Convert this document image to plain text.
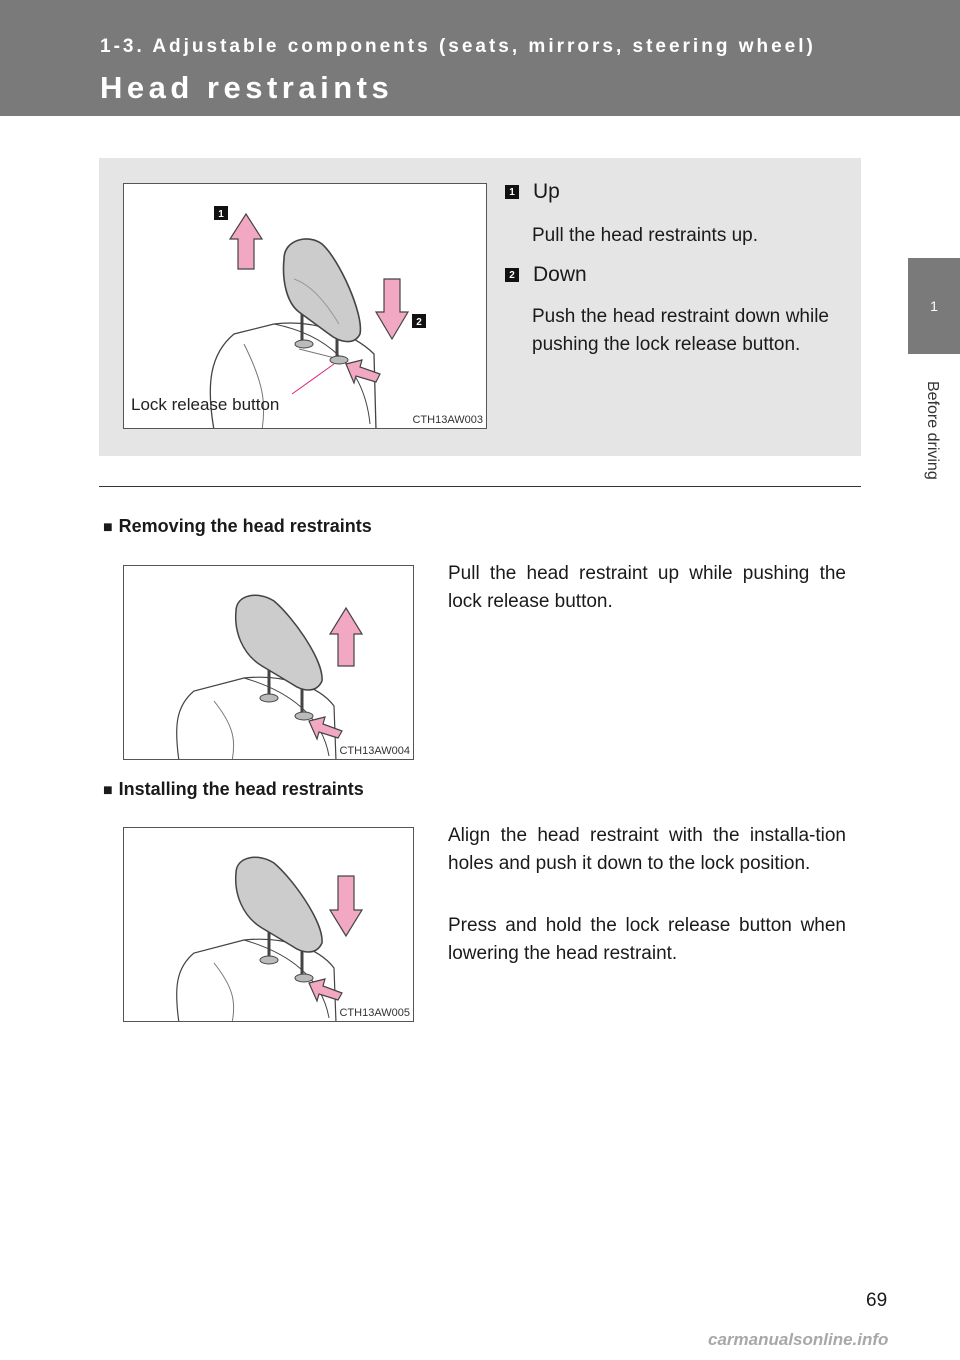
1-3. Adjustable components (seats, mirrors, steering wheel)
Head restraints
1
Before driving
1
2
Lock release button
CTH13AW003
1 Up

Pull the head restraints up.

2 Down

Push the head restraint down while pushing the lock release button.

■ Removing the head restraints
CTH13AW004

Pull the head restraint up while pushing the lock release button.

■ Installing the head restraints
CTH13AW005

Align the head restraint with the installa-tion holes and push it down to the lock position.

Press and hold the lock release button when lowering the head restraint.

69
carmanualsonline.info
